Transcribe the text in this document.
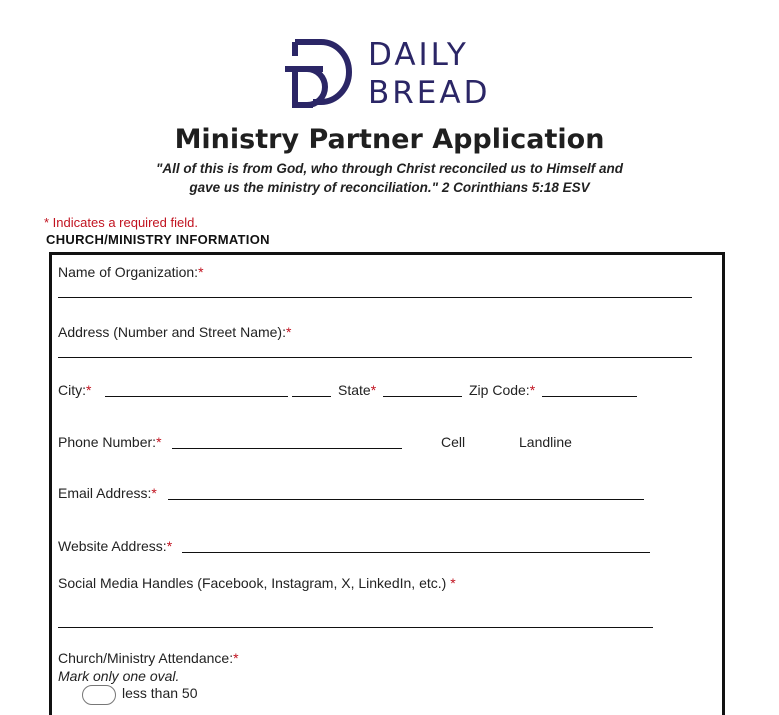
DAILY
BREAD
Ministry Partner Application
"All of this is from God, who through Christ reconciled us to Himself and
gave us the ministry of reconciliation." 2 Corinthians 5:18 ESV
* Indicates a required field.
CHURCH/MINISTRY INFORMATION
Name of Organization:*
Address (Number and Street Name):*
City:*	State*	Zip Code:*
Phone Number:*	Cell	Landline
Email Address:*
Website Address:*
Social Media Handles (Facebook, Instagram, X, LinkedIn, etc.) *
Church/Ministry Attendance:*
Mark only one oval.
less than 50
